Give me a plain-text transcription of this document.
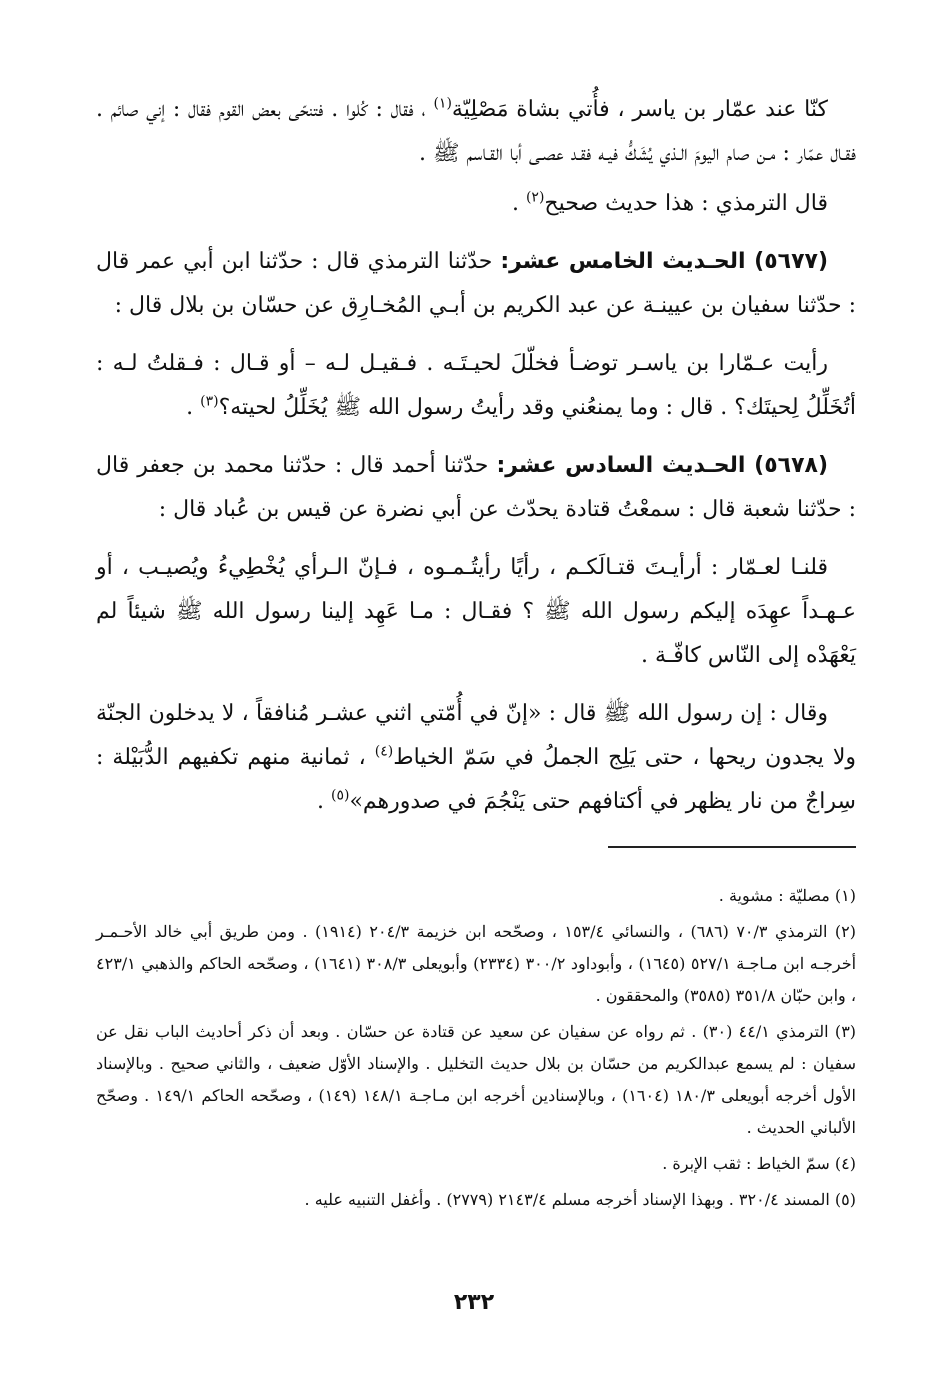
كنّا عند عمّار بن ياسر ، فأُتي بشاة مَصْلِيّة$^{(١)}$ ، فقال : كُلوا . فتنحّى بعض القوم فقال : إني صائم . فقـال عمّار : مـن صام اليومَ الـذي يُشَكُّ فيـه فقـد عصـى أبا القـاسم ﷺ .

قال الترمذي : هذا حديث صحيح$^{(٢)}$ .

(٥٦٧٧) الحـديث الخامس عشر: حدّثنا الترمذي قال : حدّثنا ابن أبي عمر قال : حدّثنا سفيان بن عيينـة عن عبد الكريم بن أبـي المُخـارِق عن حسّان بن بلال قال :

رأيت عـمّارا بن ياسـر توضـأ فخلّلَ لحيـتَـه . فـقيـل لـه – أو قـال : فـقلتُ لـه : أتُخَلِّلُ لِحيتَك؟ . قال : وما يمنعُني وقد رأيتُ رسول الله ﷺ يُخَلِّلُ لحيته؟$^{(٣)}$ .

(٥٦٧٨) الحـديث السادس عشر: حدّثنا أحمد قال : حدّثنا محمد بن جعفر قال : حدّثنا شعبة قال : سمعْتُ قتادة يحدّث عن أبي نضرة عن قيس بن عُباد قال :

قلنـا لعـمّار : أرأيـتَ قتـالَكـم ، رأيًا رأيتُـمـوه ، فـإنّ الـرأي يُخْطِيءُ ويُصيـب ، أو عـهـداً عهِدَه إليكم رسول الله ﷺ ؟ فقـال : مـا عَهِد إلينا رسول الله ﷺ شيئاً لم يَعْهَدْه إلى النّاس كافّـة .

وقال : إن رسول الله ﷺ قال : «إنّ في أُمّتي اثني عشـر مُنافقاً ، لا يدخلون الجنّة ولا يجدون ريحها ، حتى يَلِج الجملُ في سَمّ الخياط$^{(٤)}$ ، ثمانية منهم تكفيهم الدُّبَيْلة : سِراجٌ من نار يظهر في أكتافهم حتى يَنْجُمَ في صدورهم»$^{(٥)}$ .

(١) مصليّة : مشوية .

(٢) الترمذي ٧٠/٣ (٦٨٦) ، والنسائي ١٥٣/٤ ، وصحّحه ابن خزيمة ٢٠٤/٣ (١٩١٤) . ومن طريق أبي خالد الأحـمـر أخرجـه ابن مـاجـة ٥٢٧/١ (١٦٤٥) ، وأبوداود ٣٠٠/٢ (٢٣٣٤) وأبويعلى ٣٠٨/٣ (١٦٤١) ، وصحّحه الحاكم والذهبي ٤٢٣/١ ، وابن حبّان ٣٥١/٨ (٣٥٨٥) والمحققون .

(٣) الترمذي ٤٤/١ (٣٠) . ثم رواه عن سفيان عن سعيد عن قتادة عن حسّان . وبعد أن ذكر أحاديث الباب نقل عن سفيان : لم يسمع عبدالكريم من حسّان بن بلال حديث التخليل . والإسناد الأوّل ضعيف ، والثاني صحيح . وبالإسناد الأول أخرجه أبويعلى ١٨٠/٣ (١٦٠٤) ، وبالإسنادين أخرجه ابن مـاجـة ١٤٨/١ (١٤٩) ، وصحّحه الحاكم ١٤٩/١ . وصحّح الألباني الحديث .

(٤) سمّ الخياط : ثقب الإبرة .

(٥) المسند ٣٢٠/٤ . وبهذا الإسناد أخرجه مسلم ٢١٤٣/٤ (٢٧٧٩) . وأغفل التنبيه عليه .

٢٣٢
